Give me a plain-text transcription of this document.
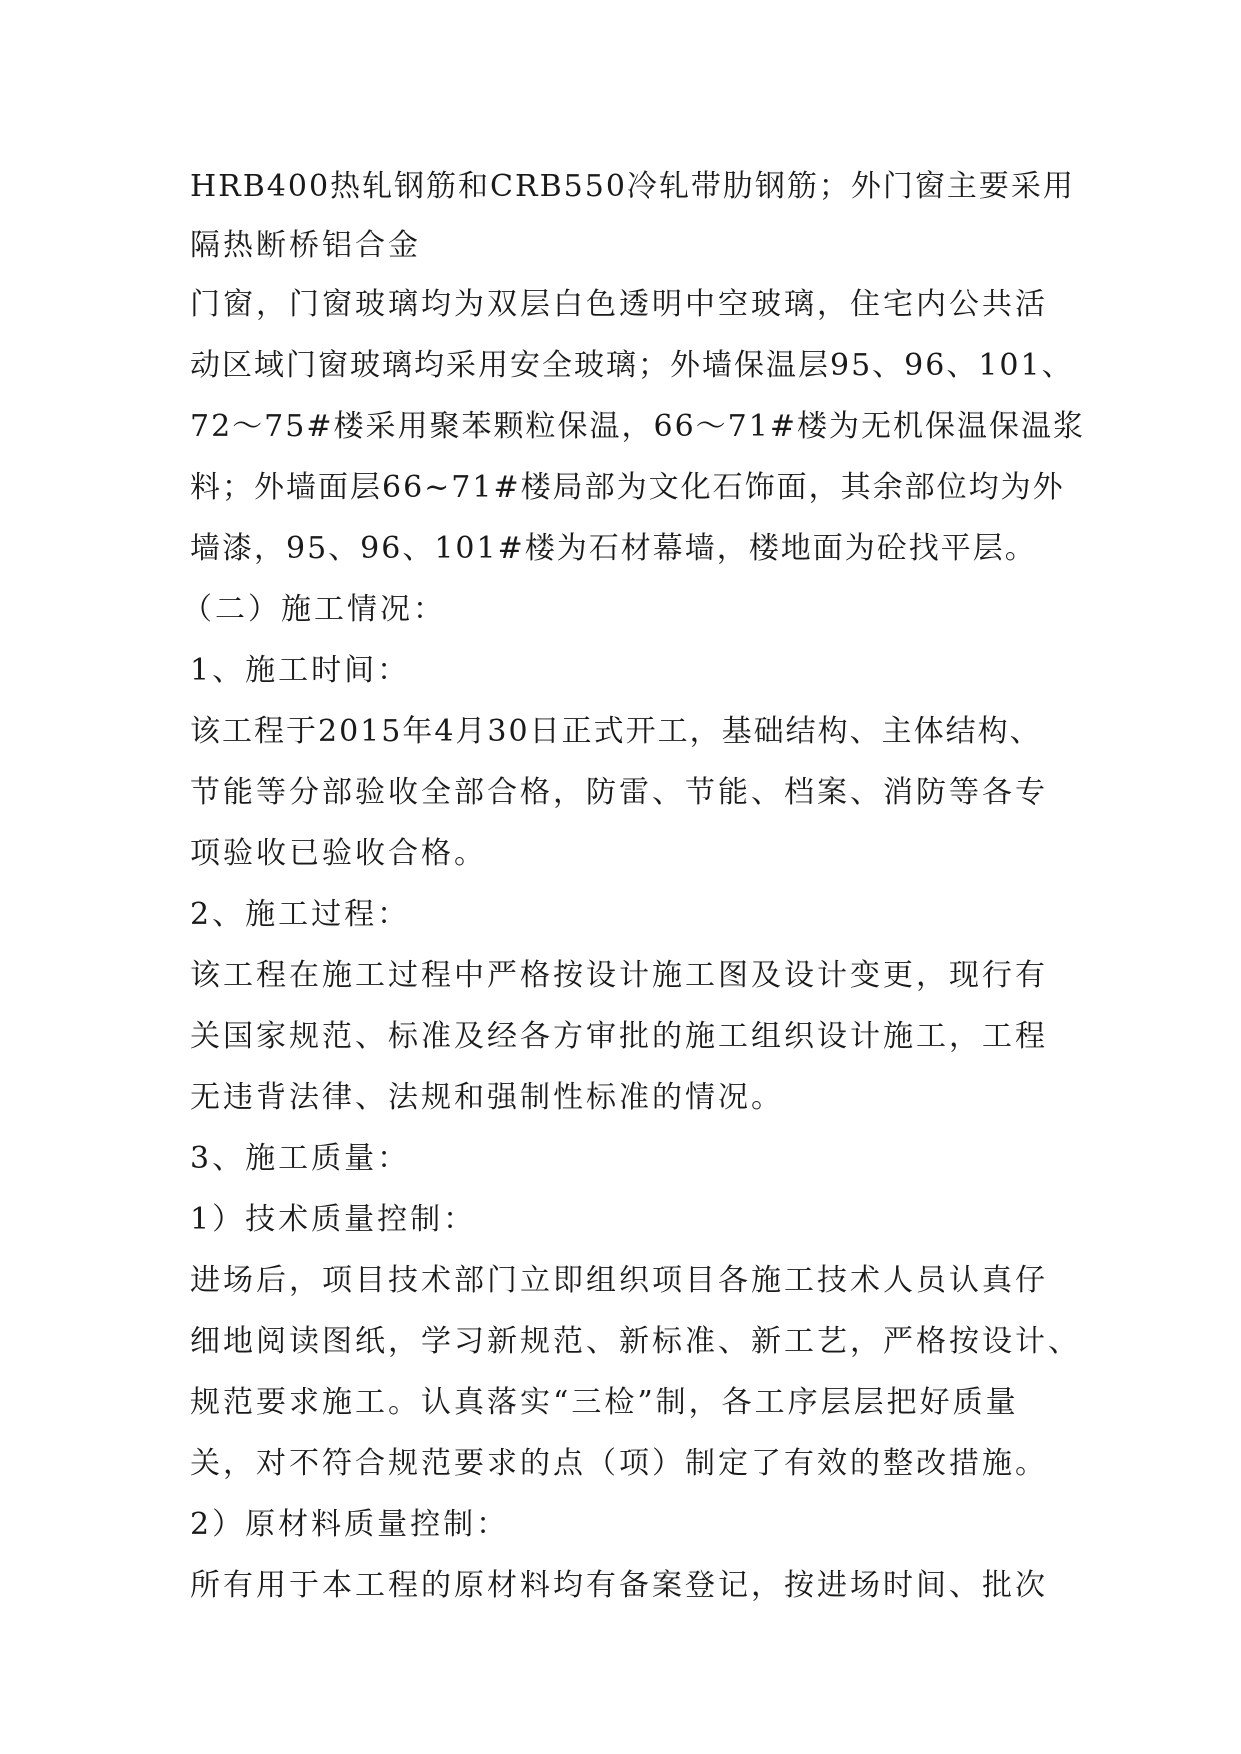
HRB400热轧钢筋和CRB550冷轧带肋钢筋；外门窗主要采用
隔热断桥铝合金
门窗，门窗玻璃均为双层白色透明中空玻璃，住宅内公共活
动区域门窗玻璃均采用安全玻璃；外墙保温层95、96、101、
72～75#楼采用聚苯颗粒保温，66～71#楼为无机保温保温浆
料；外墙面层66~71#楼局部为文化石饰面，其余部位均为外
墙漆，95、96、101#楼为石材幕墙，楼地面为砼找平层。
（二）施工情况：
1、施工时间：
该工程于2015年4月30日正式开工，基础结构、主体结构、
节能等分部验收全部合格，防雷、节能、档案、消防等各专
项验收已验收合格。
2、施工过程：
该工程在施工过程中严格按设计施工图及设计变更，现行有
关国家规范、标准及经各方审批的施工组织设计施工，工程
无违背法律、法规和强制性标准的情况。
3、施工质量：
1）技术质量控制：
进场后，项目技术部门立即组织项目各施工技术人员认真仔
细地阅读图纸，学习新规范、新标准、新工艺，严格按设计、
规范要求施工。认真落实“三检”制，各工序层层把好质量
关，对不符合规范要求的点（项）制定了有效的整改措施。
2）原材料质量控制：
所有用于本工程的原材料均有备案登记，按进场时间、批次
